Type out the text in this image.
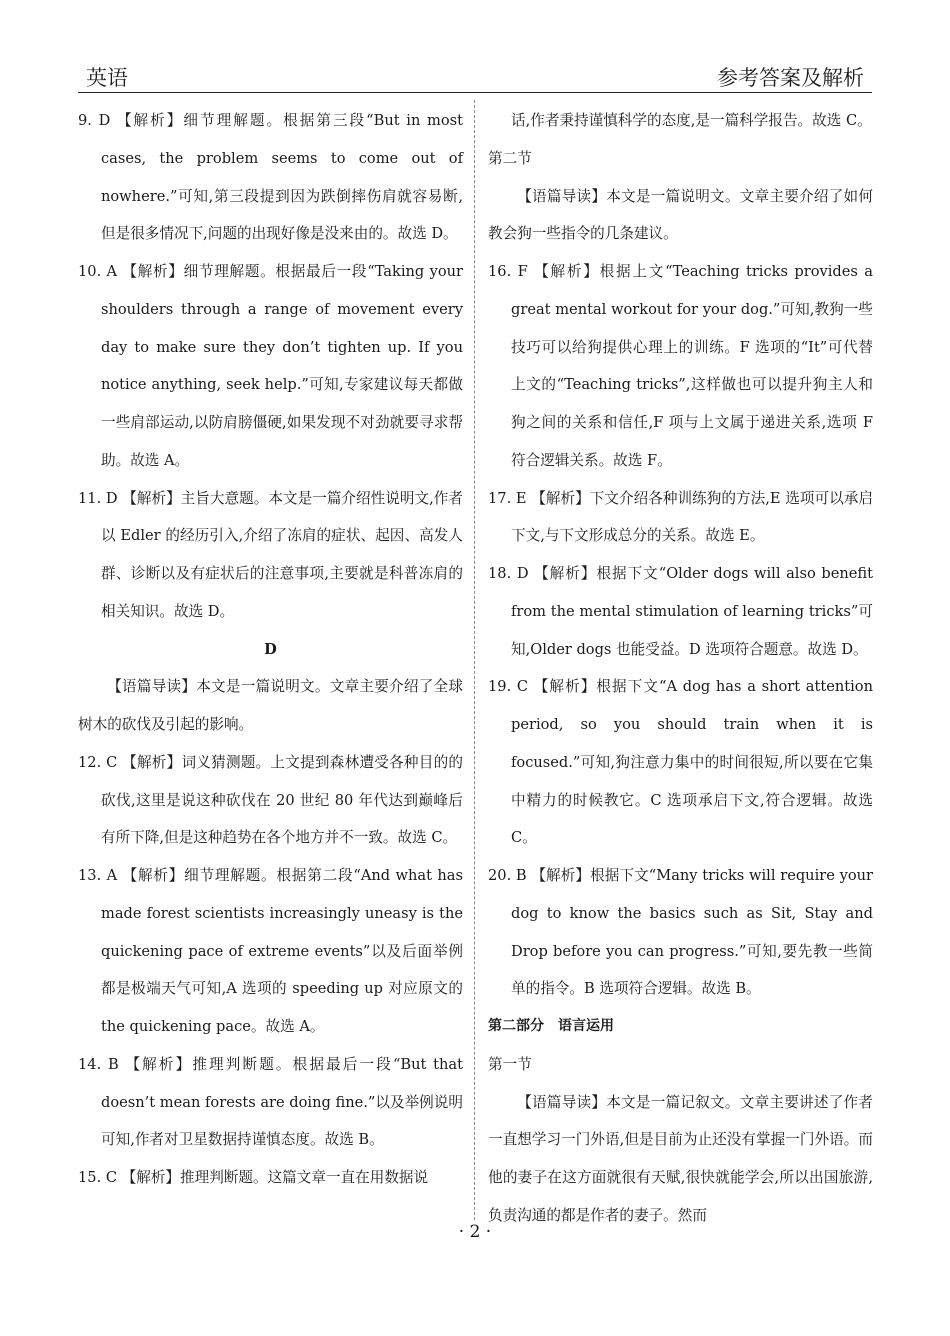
英语	参考答案及解析
9. D 【解析】细节理解题。根据第三段“But in most cases, the problem seems to come out of nowhere.”可知,第三段提到因为跌倒摔伤肩就容易断,但是很多情况下,问题的出现好像是没来由的。故选 D。
10. A 【解析】细节理解题。根据最后一段“Taking your shoulders through a range of movement every day to make sure they don’t tighten up. If you notice anything, seek help.”可知,专家建议每天都做一些肩部运动,以防肩膀僵硬,如果发现不对劲就要寻求帮助。故选 A。
11. D 【解析】主旨大意题。本文是一篇介绍性说明文,作者以 Edler 的经历引入,介绍了冻肩的症状、起因、高发人群、诊断以及有症状后的注意事项,主要就是科普冻肩的相关知识。故选 D。
D
【语篇导读】本文是一篇说明文。文章主要介绍了全球树木的砍伐及引起的影响。
12. C 【解析】词义猜测题。上文提到森林遭受各种目的的砍伐,这里是说这种砍伐在 20 世纪 80 年代达到巅峰后有所下降,但是这种趋势在各个地方并不一致。故选 C。
13. A 【解析】细节理解题。根据第二段“And what has made forest scientists increasingly uneasy is the quickening pace of extreme events”以及后面举例都是极端天气可知,A 选项的 speeding up 对应原文的 the quickening pace。故选 A。
14. B 【解析】推理判断题。根据最后一段“But that doesn’t mean forests are doing fine.”以及举例说明可知,作者对卫星数据持谨慎态度。故选 B。
15. C 【解析】推理判断题。这篇文章一直在用数据说
话,作者秉持谨慎科学的态度,是一篇科学报告。故选 C。
第二节
【语篇导读】本文是一篇说明文。文章主要介绍了如何教会狗一些指令的几条建议。
16. F 【解析】根据上文“Teaching tricks provides a great mental workout for your dog.”可知,教狗一些技巧可以给狗提供心理上的训练。F 选项的“It”可代替上文的“Teaching tricks”,这样做也可以提升狗主人和狗之间的关系和信任,F 项与上文属于递进关系,选项 F 符合逻辑关系。故选 F。
17. E 【解析】下文介绍各种训练狗的方法,E 选项可以承启下文,与下文形成总分的关系。故选 E。
18. D 【解析】根据下文“Older dogs will also benefit from the mental stimulation of learning tricks”可知,Older dogs 也能受益。D 选项符合题意。故选 D。
19. C 【解析】根据下文“A dog has a short attention period, so you should train when it is focused.”可知,狗注意力集中的时间很短,所以要在它集中精力的时候教它。C 选项承启下文,符合逻辑。故选 C。
20. B 【解析】根据下文“Many tricks will require your dog to know the basics such as Sit, Stay and Drop before you can progress.”可知,要先教一些简单的指令。B 选项符合逻辑。故选 B。
第二部分　语言运用
第一节
【语篇导读】本文是一篇记叙文。文章主要讲述了作者一直想学习一门外语,但是目前为止还没有掌握一门外语。而他的妻子在这方面就很有天赋,很快就能学会,所以出国旅游,负责沟通的都是作者的妻子。然而
· 2 ·
